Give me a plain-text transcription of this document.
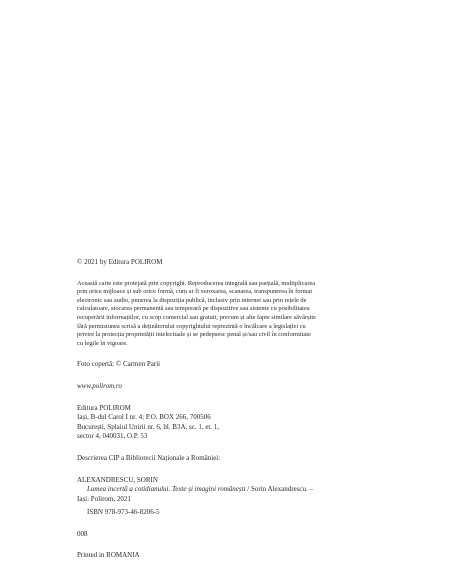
© 2021 by Editura POLIROM

Această carte este protejată prin copyright. Reproducerea integrală sau parțială, multiplicarea

prin orice mijloace și sub orice formă, cum ar fi xeroxarea, scanarea, transpunerea în format

electronic sau audio, punerea la dispoziția publică, inclusiv prin internet sau prin rețele de

calculatoare, stocarea permanentă sau temporară pe dispozitive sau sisteme cu posibilitatea

recuperării informațiilor, cu scop comercial sau gratuit, precum și alte fapte similare săvârșite

fără permisiunea scrisă a deținătorului copyrightului reprezintă o încălcare a legislației cu

privire la protecția proprietății intelectuale și se pedepsesc penal și/sau civil în conformitate

cu legile în vigoare.

Foto copertă: © Carmen Parii

www.polirom.ro

Editura POLIROM

Iași, B-dul Carol I nr. 4; P.O. BOX 266, 700506

București, Splaiul Unirii nr. 6, bl. B3A, sc. 1, et. 1,

sector 4, 040031, O.P. 53

Descrierea CIP a Bibliotecii Naționale a României:

ALEXANDRESCU, SORIN

Lumea incertă a cotidianului. Texte și imagini românești / Sorin Alexandrescu. –

Iași: Polirom, 2021

ISBN 978-973-46-8206-5

008

Printed in ROMANIA
